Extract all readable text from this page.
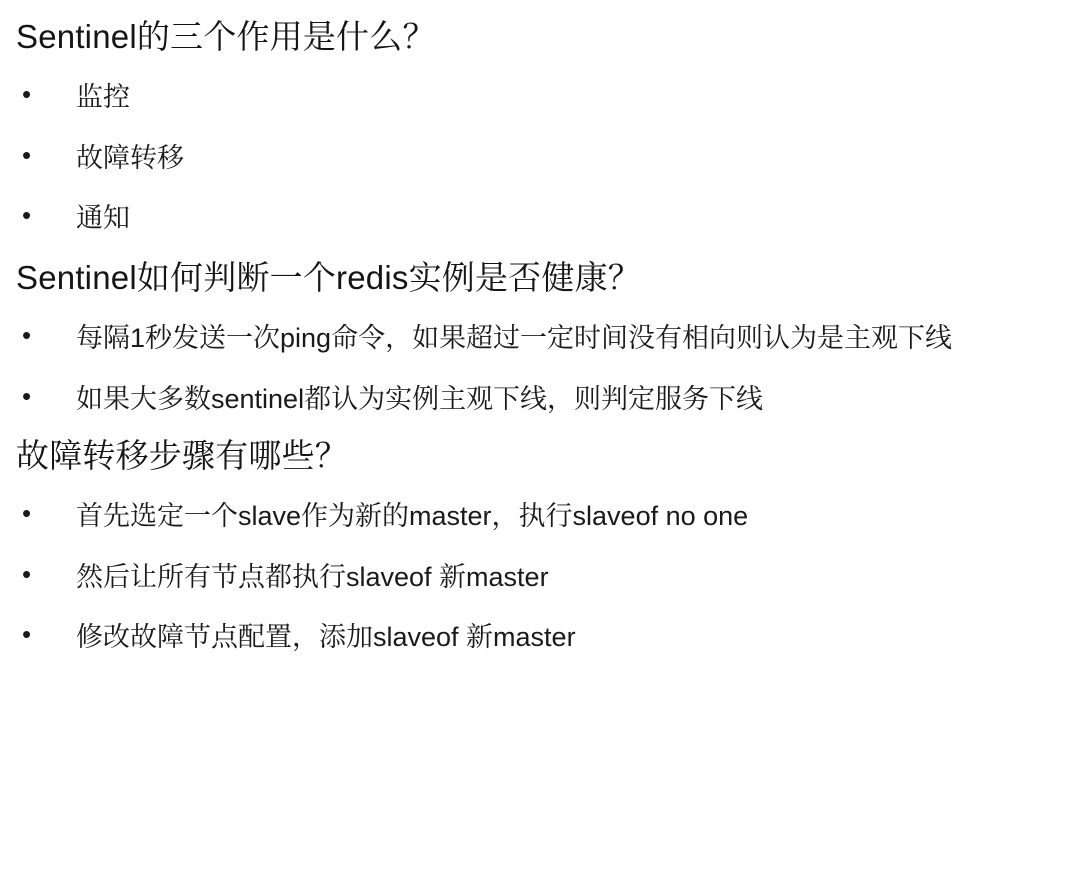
Sentinel的三个作用是什么？
• 监控
• 故障转移
• 通知
Sentinel如何判断一个redis实例是否健康？
• 每隔1秒发送一次ping命令，如果超过一定时间没有相向则认为是主观下线
• 如果大多数sentinel都认为实例主观下线，则判定服务下线
故障转移步骤有哪些？
• 首先选定一个slave作为新的master，执行slaveof no one
• 然后让所有节点都执行slaveof 新master
• 修改故障节点配置，添加slaveof 新master
